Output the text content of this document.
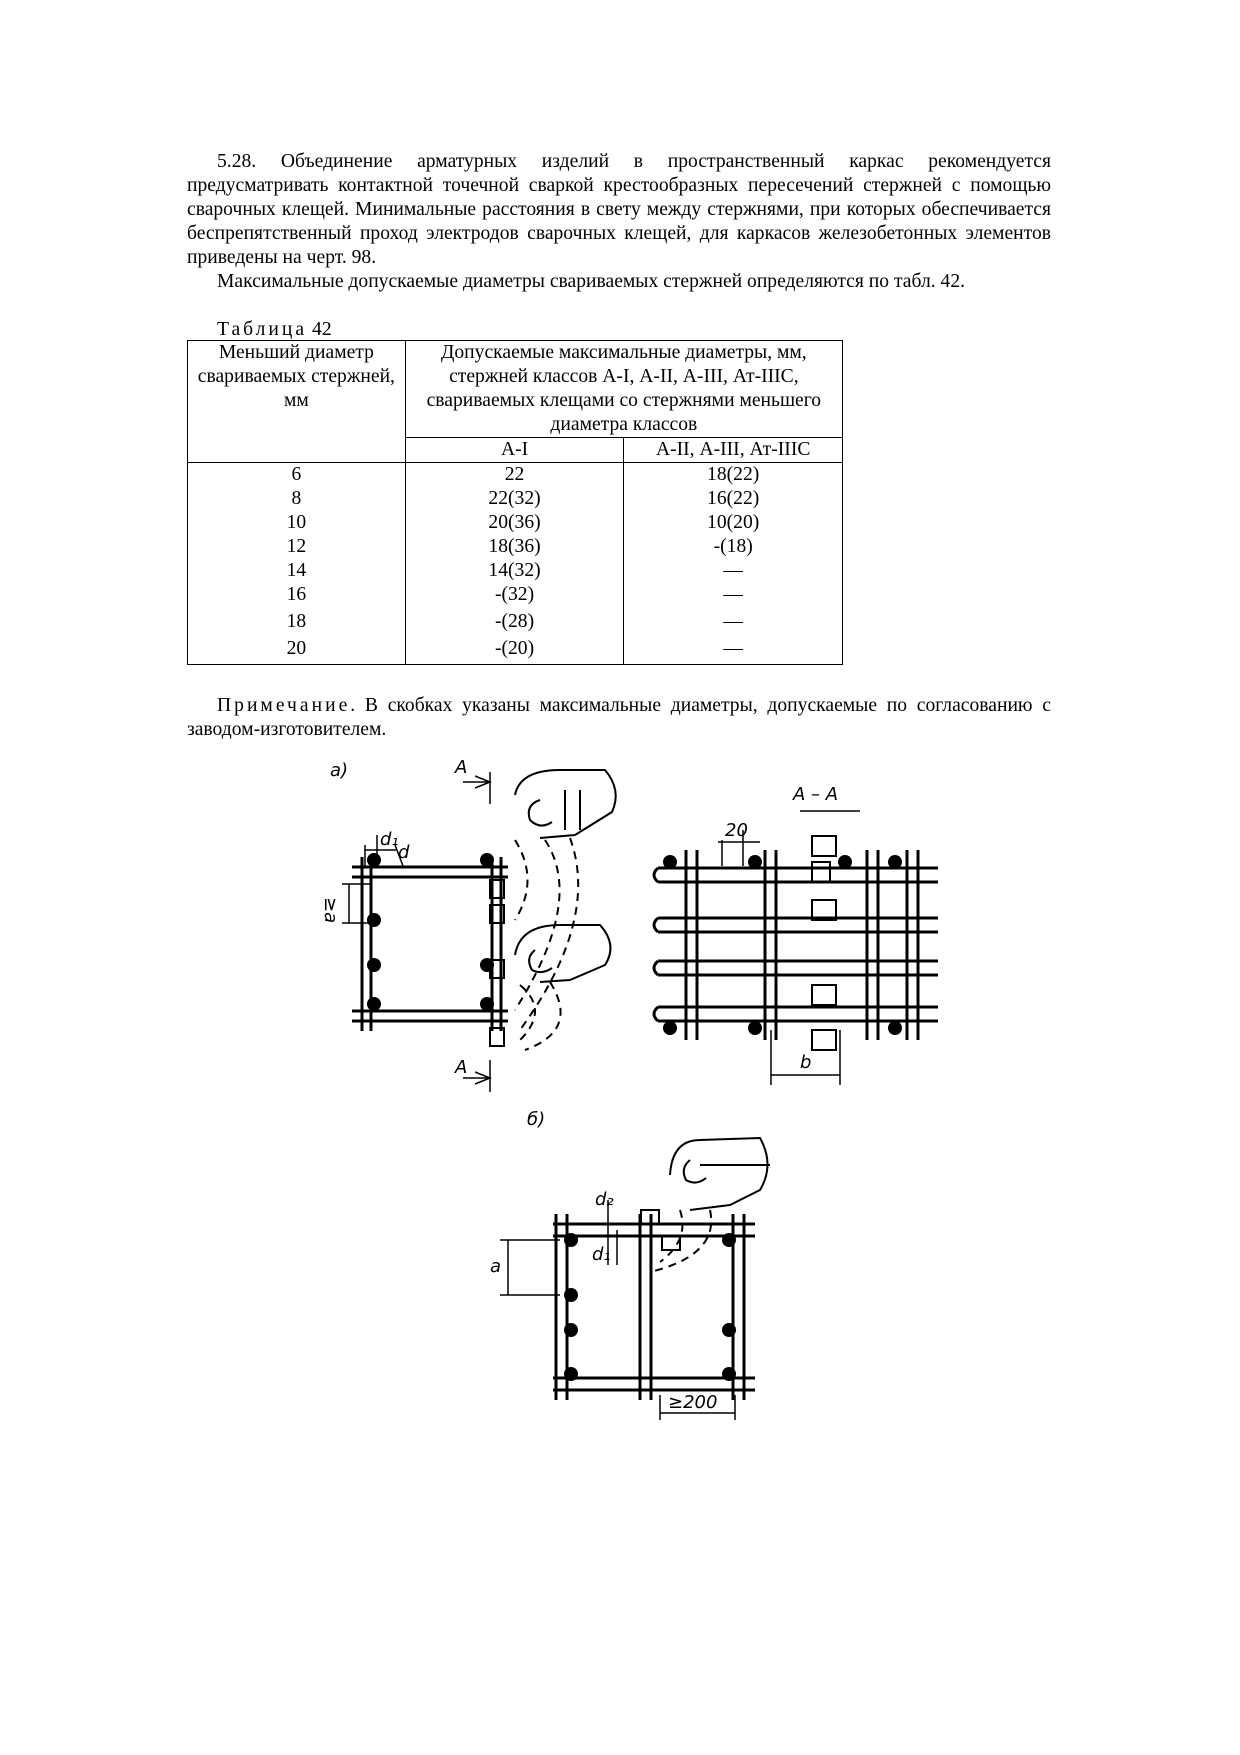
5.28. Объединение арматурных изделий в пространственный каркас рекомендуется предусматривать контактной точечной сваркой крестообразных пересечений стержней с помощью сварочных клещей. Минимальные расстояния в свету между стержнями, при которых обеспечивается беспрепятственный проход электродов сварочных клещей, для каркасов железобетонных элементов приведены на черт. 98.

Максимальные допускаемые диаметры свариваемых стержней определяются по табл. 42.

Таблица 42
Меньший диаметр свариваемых стержней, мм	Допускаемые максимальные диаметры, мм, стержней классов А-I, А-II, А-III, Ат-IIIС, свариваемых клещами со стержнями меньшего диаметра классов	
	А-I	А-II, А-III, Ат-IIIС
6	22	18(22)
8	22(32)	16(22)
10	20(36)	10(20)
12	18(36)	-(18)
14	14(32)	—
16	-(32)	—
18	-(28)	—
20	-(20)	—
Примечание. В скобках указаны максимальные диаметры, допускаемые по согласованию с заводом-изготовителем.
а)	А
А
d₁
d
≥a
А – А
20
b
б)
a
d₂
d₁
≥200
